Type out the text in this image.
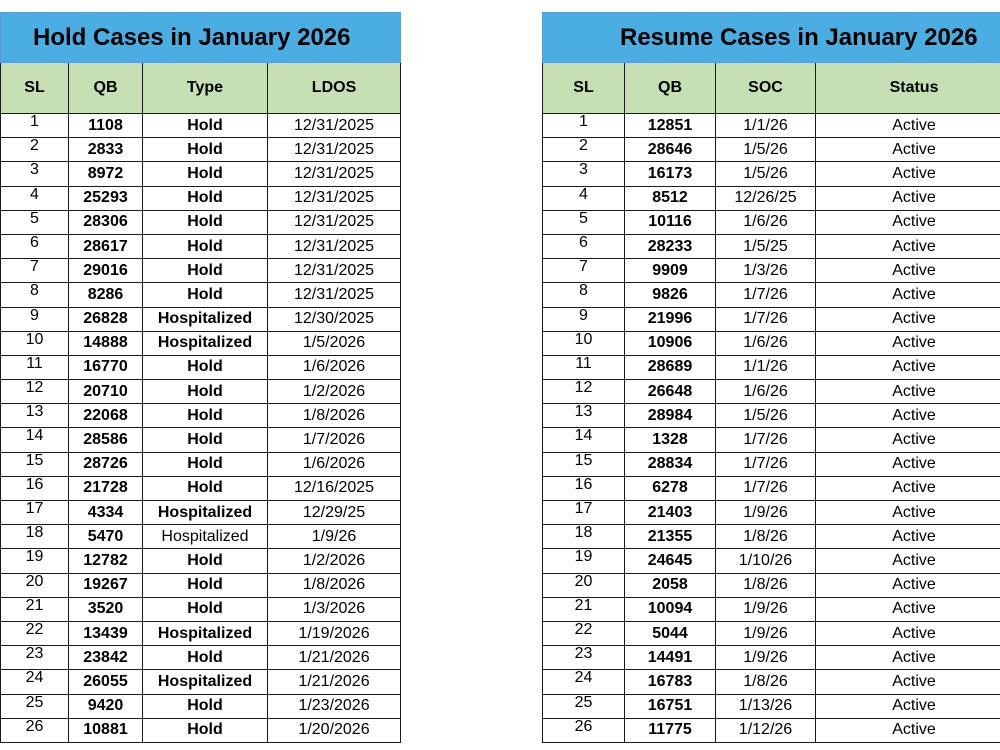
Hold Cases in January 2026			
SL	QB	Type	LDOS
1	1108	Hold	12/31/2025
2	2833	Hold	12/31/2025
3	8972	Hold	12/31/2025
4	25293	Hold	12/31/2025
5	28306	Hold	12/31/2025
6	28617	Hold	12/31/2025
7	29016	Hold	12/31/2025
8	8286	Hold	12/31/2025
9	26828	Hospitalized	12/30/2025
10	14888	Hospitalized	1/5/2026
11	16770	Hold	1/6/2026
12	20710	Hold	1/2/2026
13	22068	Hold	1/8/2026
14	28586	Hold	1/7/2026
15	28726	Hold	1/6/2026
16	21728	Hold	12/16/2025
17	4334	Hospitalized	12/29/25
18	5470	Hospitalized	1/9/26
19	12782	Hold	1/2/2026
20	19267	Hold	1/8/2026
21	3520	Hold	1/3/2026
22	13439	Hospitalized	1/19/2026
23	23842	Hold	1/21/2026
24	26055	Hospitalized	1/21/2026
25	9420	Hold	1/23/2026
26	10881	Hold	1/20/2026
Resume Cases in January 2026			
SL	QB	SOC	Status
1	12851	1/1/26	Active
2	28646	1/5/26	Active
3	16173	1/5/26	Active
4	8512	12/26/25	Active
5	10116	1/6/26	Active
6	28233	1/5/25	Active
7	9909	1/3/26	Active
8	9826	1/7/26	Active
9	21996	1/7/26	Active
10	10906	1/6/26	Active
11	28689	1/1/26	Active
12	26648	1/6/26	Active
13	28984	1/5/26	Active
14	1328	1/7/26	Active
15	28834	1/7/26	Active
16	6278	1/7/26	Active
17	21403	1/9/26	Active
18	21355	1/8/26	Active
19	24645	1/10/26	Active
20	2058	1/8/26	Active
21	10094	1/9/26	Active
22	5044	1/9/26	Active
23	14491	1/9/26	Active
24	16783	1/8/26	Active
25	16751	1/13/26	Active
26	11775	1/12/26	Active
